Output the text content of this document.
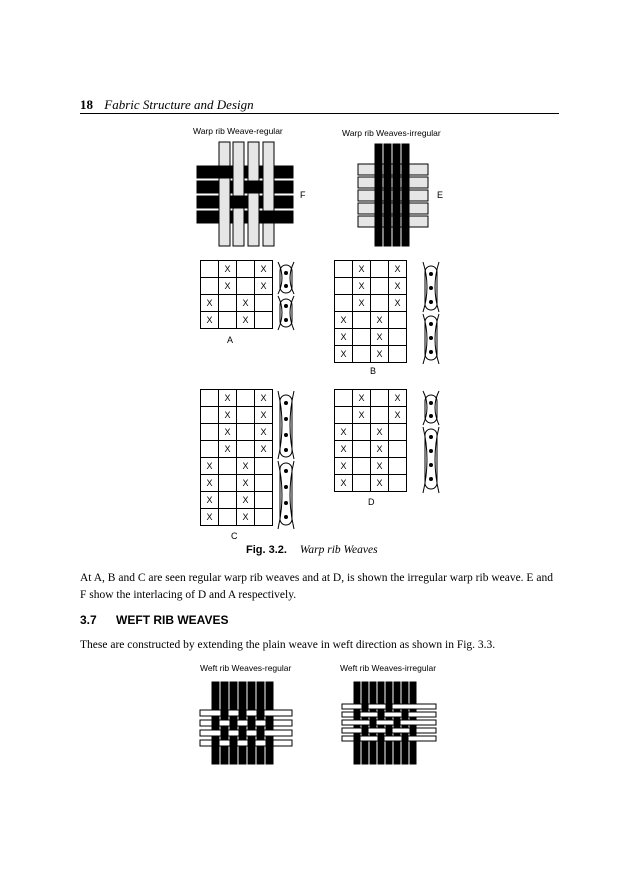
18 Fabric Structure and Design
Warp rib Weave-regular	Warp rib Weaves-irregular
F	E
	X		X
	X		X
X		X	
X		X	
A
	X		X
	X		X
	X		X
X		X	
X		X	
X		X	
B
	X		X
	X		X
	X		X
	X		X
X		X	
X		X	
X		X	
X		X	
C
	X		X
	X		X
X		X	
X		X	
X		X	
X		X	
D
Fig. 3.2. Warp rib Weaves
At A, B and C are seen regular warp rib weaves and at D, is shown the irregular warp rib weave. E and F show the interlacing of D and A respectively.
3.7 WEFT RIB WEAVES
These are constructed by extending the plain weave in weft direction as shown in Fig. 3.3.
Weft rib Weaves-regular	Weft rib Weaves-irregular
